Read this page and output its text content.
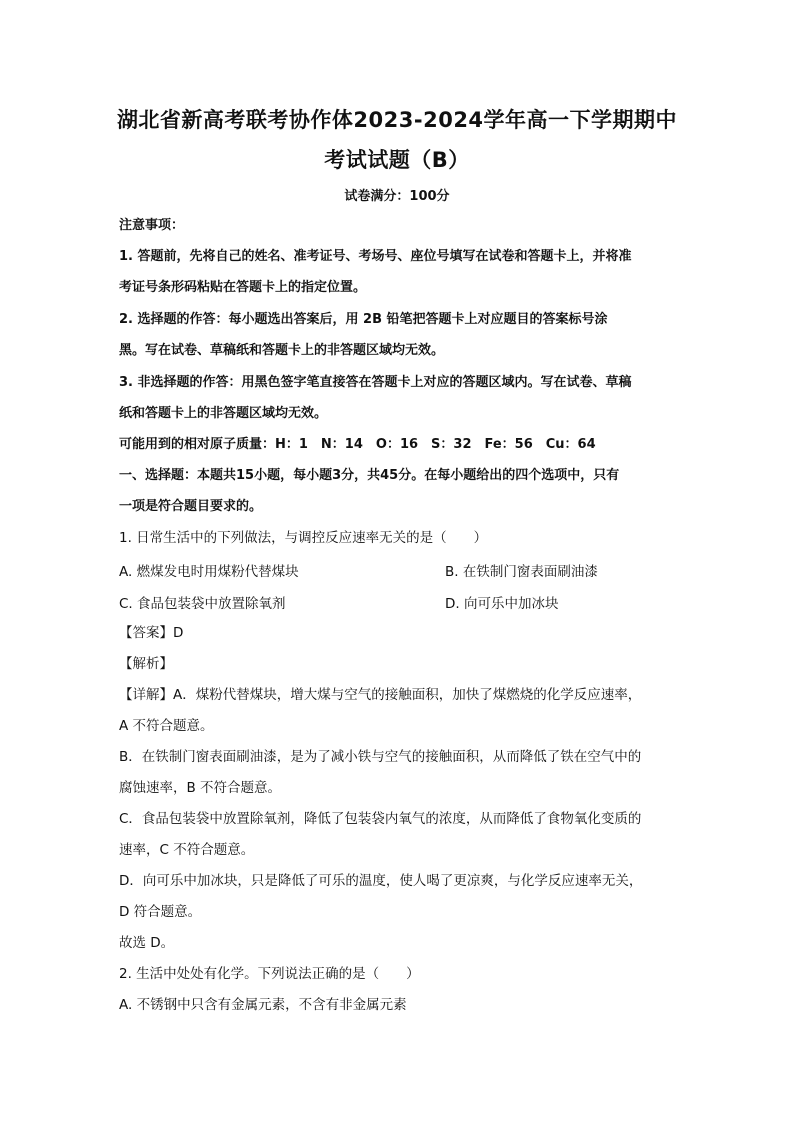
湖北省新高考联考协作体2023-2024学年高一下学期期中
考试试题（B）
试卷满分：100分
注意事项：
1. 答题前，先将自己的姓名、准考证号、考场号、座位号填写在试卷和答题卡上，并将准
考证号条形码粘贴在答题卡上的指定位置。
2. 选择题的作答：每小题选出答案后，用 2B 铅笔把答题卡上对应题目的答案标号涂
黑。写在试卷、草稿纸和答题卡上的非答题区域均无效。
3. 非选择题的作答：用黑色签字笔直接答在答题卡上对应的答题区域内。写在试卷、草稿
纸和答题卡上的非答题区域均无效。
可能用到的相对原子质量：H：1　N：14　O：16　S：32　Fe：56　Cu：64
一、选择题：本题共15小题，每小题3分，共45分。在每小题给出的四个选项中，只有
一项是符合题目要求的。
1. 日常生活中的下列做法，与调控反应速率无关的是（　　）
A. 燃煤发电时用煤粉代替煤块	B. 在铁制门窗表面刷油漆
C. 食品包装袋中放置除氧剂	D. 向可乐中加冰块
【答案】D
【解析】
【详解】A．煤粉代替煤块，增大煤与空气的接触面积，加快了煤燃烧的化学反应速率，
A 不符合题意。
B．在铁制门窗表面刷油漆，是为了减小铁与空气的接触面积，从而降低了铁在空气中的
腐蚀速率，B 不符合题意。
C．食品包装袋中放置除氧剂，降低了包装袋内氧气的浓度，从而降低了食物氧化变质的
速率，C 不符合题意。
D．向可乐中加冰块，只是降低了可乐的温度，使人喝了更凉爽，与化学反应速率无关，
D 符合题意。
故选 D。
2. 生活中处处有化学。下列说法正确的是（　　）
A. 不锈钢中只含有金属元素，不含有非金属元素
